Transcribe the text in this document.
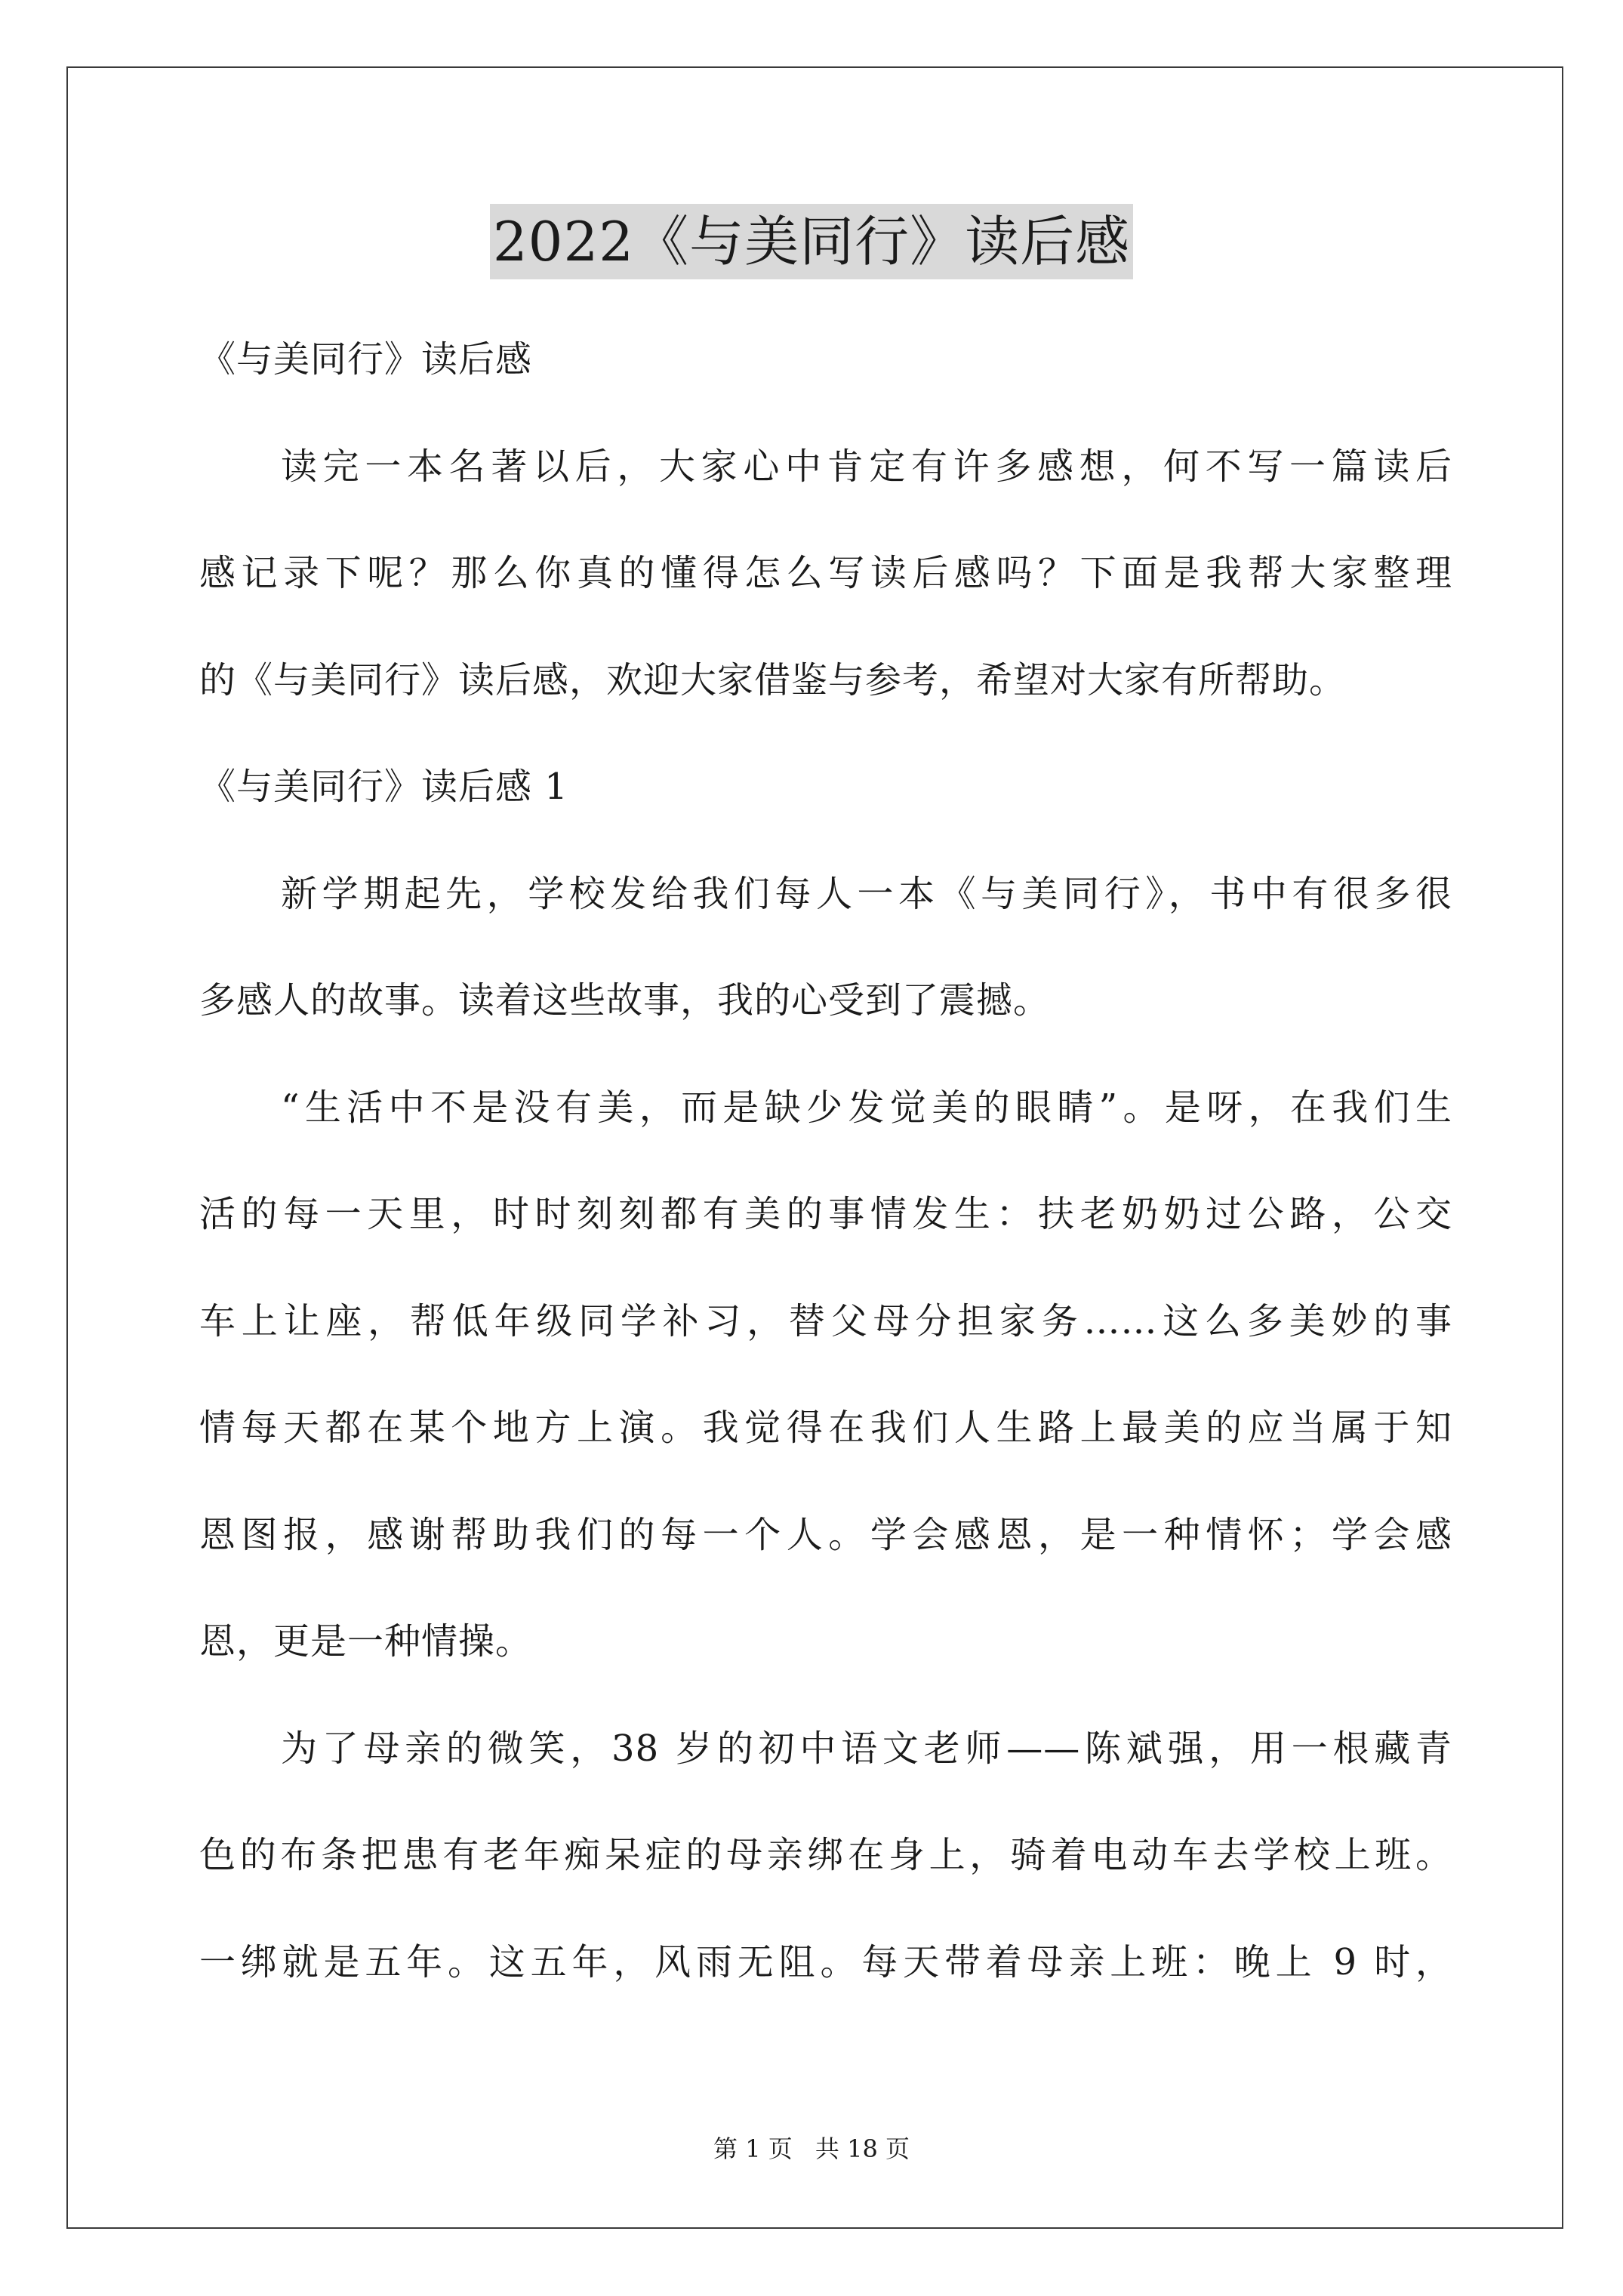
2022《与美同行》读后感
《与美同行》读后感
读完一本名著以后，大家心中肯定有许多感想，何不写一篇读后
感记录下呢？那么你真的懂得怎么写读后感吗？下面是我帮大家整理
的《与美同行》读后感，欢迎大家借鉴与参考，希望对大家有所帮助。
《与美同行》读后感 1
新学期起先，学校发给我们每人一本《与美同行》，书中有很多很
多感人的故事。读着这些故事，我的心受到了震撼。
“生活中不是没有美，而是缺少发觉美的眼睛”。是呀，在我们生
活的每一天里，时时刻刻都有美的事情发生：扶老奶奶过公路，公交
车上让座，帮低年级同学补习，替父母分担家务……这么多美妙的事
情每天都在某个地方上演。我觉得在我们人生路上最美的应当属于知
恩图报，感谢帮助我们的每一个人。学会感恩，是一种情怀；学会感
恩，更是一种情操。
为了母亲的微笑，38 岁的初中语文老师——陈斌强，用一根藏青
色的布条把患有老年痴呆症的母亲绑在身上，骑着电动车去学校上班。
一绑就是五年。这五年，风雨无阻。每天带着母亲上班：晚上 9 时，
第 1 页 共 18 页
